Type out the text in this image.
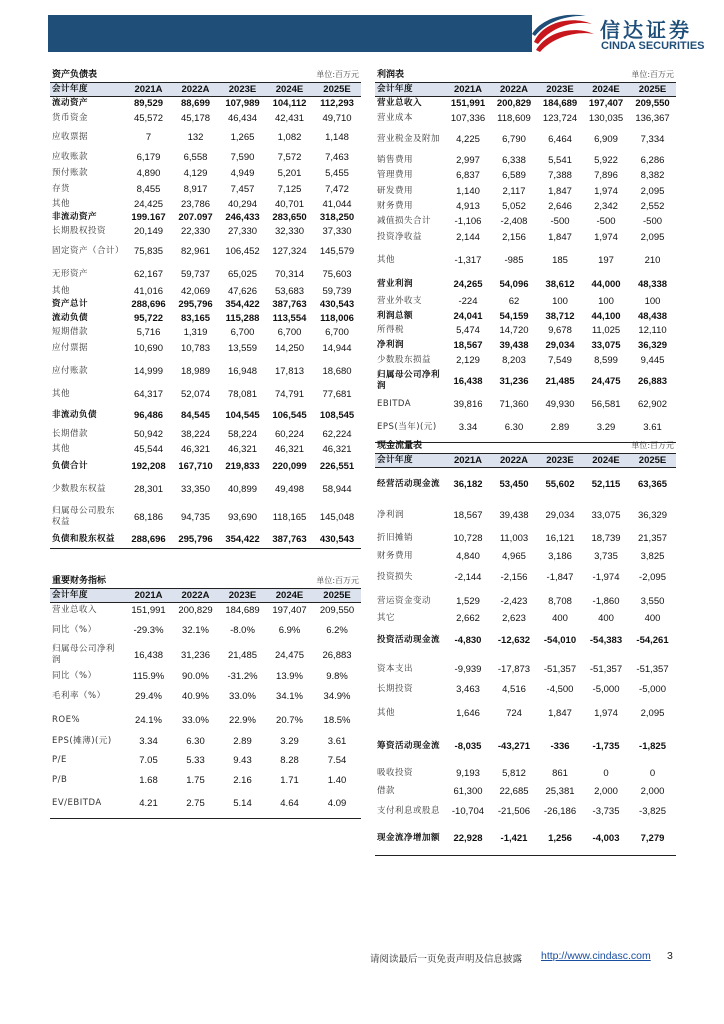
信达证券
CINDA SECURITIES
资产负债表				单位:百万元	
会计年度	2021A	2022A	2023E	2024E	2025E
流动资产	89,529	88,699	107,989	104,112	112,293
货币资金	45,572	45,178	46,434	42,431	49,710
应收票据	7	132	1,265	1,082	1,148
应收账款	6,179	6,558	7,590	7,572	7,463
预付账款	4,890	4,129	4,949	5,201	5,455
存货	8,455	8,917	7,457	7,125	7,472
其他	24,425	23,786	40,294	40,701	41,044
非流动资产	199.167	207.097	246,433	283,650	318,250
长期股权投资	20,149	22,330	27,330	32,330	37,330
固定资产（合计）	75,835	82,961	106,452	127,324	145,579
无形资产	62,167	59,737	65,025	70,314	75,603
其他	41,016	42,069	47,626	53,683	59,739
资产总计	288,696	295,796	354,422	387,763	430,543
流动负债	95,722	83,165	115,288	113,554	118,006
短期借款	5,716	1,319	6,700	6,700	6,700
应付票据	10,690	10,783	13,559	14,250	14,944
应付账款	14,999	18,989	16,948	17,813	18,680
其他	64,317	52,074	78,081	74,791	77,681
非流动负债	96,486	84,545	104,545	106,545	108,545
长期借款	50,942	38,224	58,224	60,224	62,224
其他	45,544	46,321	46,321	46,321	46,321
负债合计	192,208	167,710	219,833	220,099	226,551
少数股东权益	28,301	33,350	40,899	49,498	58,944
归属母公司股东权益	68,186	94,735	93,690	118,165	145,048
负债和股东权益	288,696	295,796	354,422	387,763	430,543
重要财务指标				单位:百万元	
会计年度	2021A	2022A	2023E	2024E	2025E
营业总收入	151,991	200,829	184,689	197,407	209,550
同比（%）	-29.3%	32.1%	-8.0%	6.9%	6.2%
归属母公司净利润	16,438	31,236	21,485	24,475	26,883
同比（%）	115.9%	90.0%	-31.2%	13.9%	9.8%
毛利率（%）	29.4%	40.9%	33.0%	34.1%	34.9%
ROE%	24.1%	33.0%	22.9%	20.7%	18.5%
EPS(摊薄)(元)	3.34	6.30	2.89	3.29	3.61
P/E	7.05	5.33	9.43	8.28	7.54
P/B	1.68	1.75	2.16	1.71	1.40
EV/EBITDA	4.21	2.75	5.14	4.64	4.09
利润表				单位:百万元	
会计年度	2021A	2022A	2023E	2024E	2025E
营业总收入	151,991	200,829	184,689	197,407	209,550
营业成本	107,336	118,609	123,724	130,035	136,367
营业税金及附加	4,225	6,790	6,464	6,909	7,334
销售费用	2,997	6,338	5,541	5,922	6,286
管理费用	6,837	6,589	7,388	7,896	8,382
研发费用	1,140	2,117	1,847	1,974	2,095
财务费用	4,913	5,052	2,646	2,342	2,552
减值损失合计	-1,106	-2,408	-500	-500	-500
投资净收益	2,144	2,156	1,847	1,974	2,095
其他	-1,317	-985	185	197	210
营业利润	24,265	54,096	38,612	44,000	48,338
营业外收支	-224	62	100	100	100
利润总额	24,041	54,159	38,712	44,100	48,438
所得税	5,474	14,720	9,678	11,025	12,110
净利润	18,567	39,438	29,034	33,075	36,329
少数股东损益	2,129	8,203	7,549	8,599	9,445
归属母公司净利润	16,438	31,236	21,485	24,475	26,883
EBITDA	39,816	71,360	49,930	56,581	62,902
EPS(当年)(元)	3.34	6.30	2.89	3.29	3.61
现金流量表				单位:百万元	
会计年度	2021A	2022A	2023E	2024E	2025E
经营活动现金流	36,182	53,450	55,602	52,115	63,365
净利润	18,567	39,438	29,034	33,075	36,329
折旧摊销	10,728	11,003	16,121	18,739	21,357
财务费用	4,840	4,965	3,186	3,735	3,825
投资损失	-2,144	-2,156	-1,847	-1,974	-2,095
营运资金变动	1,529	-2,423	8,708	-1,860	3,550
其它	2,662	2,623	400	400	400
投资活动现金流	-4,830	-12,632	-54,010	-54,383	-54,261
资本支出	-9,939	-17,873	-51,357	-51,357	-51,357
长期投资	3,463	4,516	-4,500	-5,000	-5,000
其他	1,646	724	1,847	1,974	2,095
筹资活动现金流	-8,035	-43,271	-336	-1,735	-1,825
吸收投资	9,193	5,812	861	0	0
借款	61,300	22,685	25,381	2,000	2,000
支付利息或股息	-10,704	-21,506	-26,186	-3,735	-3,825
现金流净增加额	22,928	-1,421	1,256	-4,003	7,279
请阅读最后一页免责声明及信息披露 http://www.cindasc.com 3
